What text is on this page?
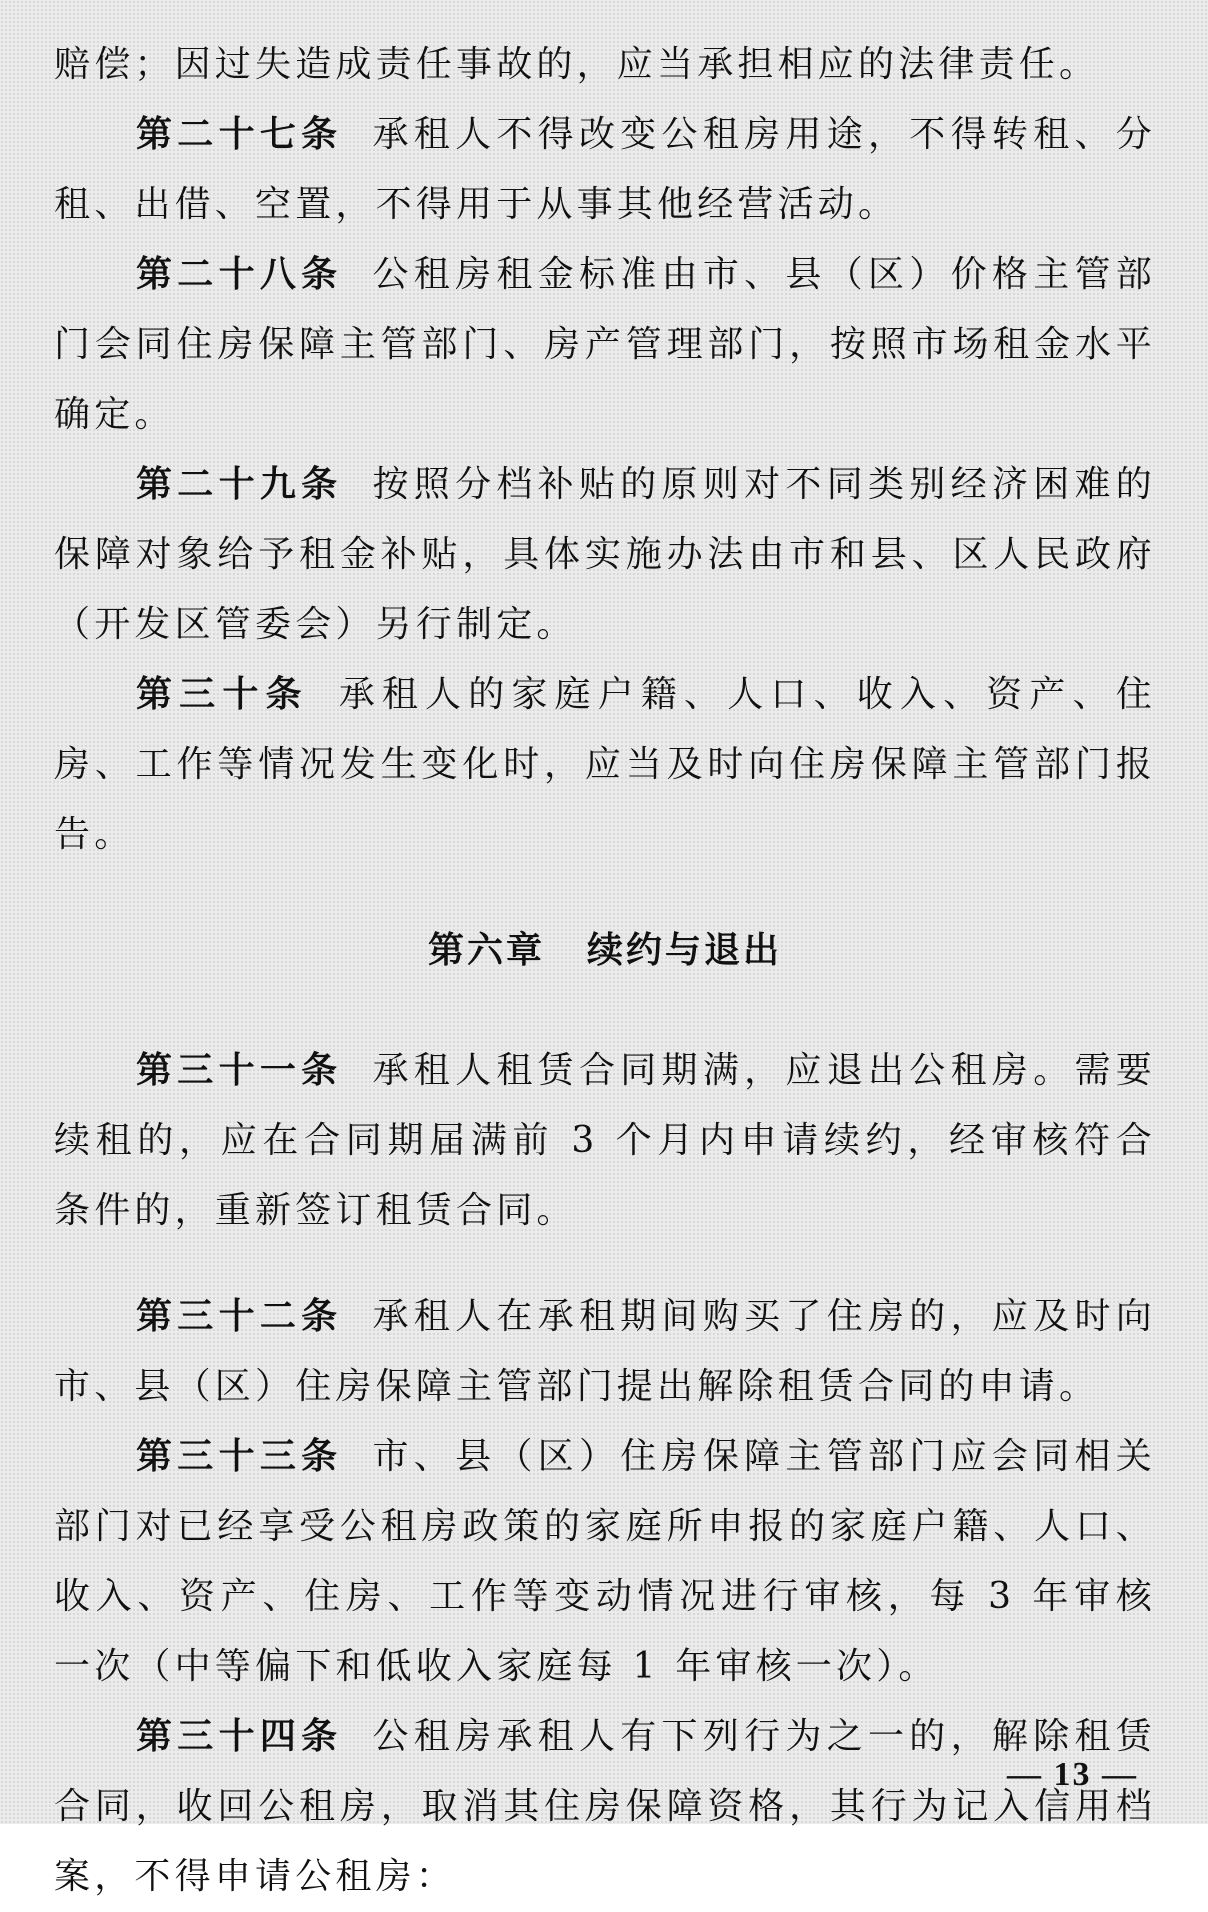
赔偿；因过失造成责任事故的，应当承担相应的法律责任。

第二十七条 承租人不得改变公租房用途，不得转租、分租、出借、空置，不得用于从事其他经营活动。

第二十八条 公租房租金标准由市、县（区）价格主管部门会同住房保障主管部门、房产管理部门，按照市场租金水平确定。

第二十九条 按照分档补贴的原则对不同类别经济困难的保障对象给予租金补贴，具体实施办法由市和县、区人民政府（开发区管委会）另行制定。

第三十条 承租人的家庭户籍、人口、收入、资产、住房、工作等情况发生变化时，应当及时向住房保障主管部门报告。

第六章 续约与退出

第三十一条 承租人租赁合同期满，应退出公租房。需要续租的，应在合同期届满前 3 个月内申请续约，经审核符合条件的，重新签订租赁合同。

第三十二条 承租人在承租期间购买了住房的，应及时向市、县（区）住房保障主管部门提出解除租赁合同的申请。

第三十三条 市、县（区）住房保障主管部门应会同相关部门对已经享受公租房政策的家庭所申报的家庭户籍、人口、收入、资产、住房、工作等变动情况进行审核，每 3 年审核一次（中等偏下和低收入家庭每 1 年审核一次）。

第三十四条 公租房承租人有下列行为之一的，解除租赁合同，收回公租房，取消其住房保障资格，其行为记入信用档案，不得申请公租房：

— 13 —
